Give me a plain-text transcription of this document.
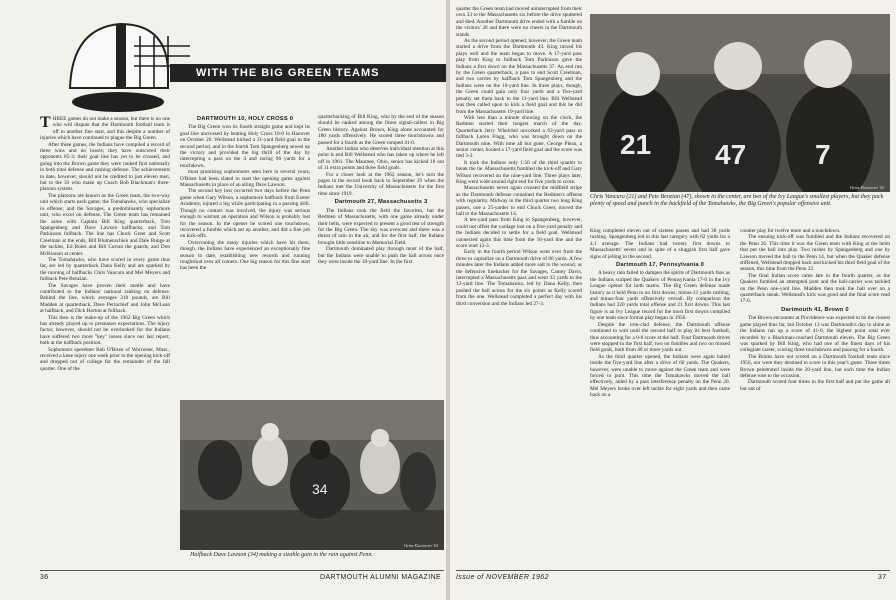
WITH THE BIG GREEN TEAMS

THREE games do not make a season, but there is no one who will dispute that the Dartmouth football team is off to another fine start, and this despite a number of injuries which have continued to plague the Big Green.

After three games, the Indians have compiled a record of three wins and no losses; they have outscored their opponents 85-3; their goal line has yet to be crossed, and going into the Brown game they were ranked first nationally in both total defense and rushing defense. The achievements to date, however, should not be credited to just eleven men, but to the 33 who make up Coach Bob Blackman's three-platoon system.

The platoons are known as the Green team, the two-way unit which starts each game; the Tomahawks, who specialize in offense; and the Savages, a predominantly sophomore unit, who excel on defense. The Green team has remained the same with Captain Bill King quarterback, Tom Spangenberg and Dave Lawson halfbacks, and Tom Parkinson fullback. The line has Chuck Greer and Scott Creelman at the ends, Bill Blumenschien and Dale Runge at the tackles, Ed Boies and Bill Curran the guards, and Don McKinnon at center.

The Tomahawks, who have scored in every game thus far, are led by quarterback Dana Kelly and are sparked by the running of halfbacks Chris Vancura and Mel Meyers and fullback Pete Benzian.

The Savages have proven their mettle and have contributed to the Indians' national ranking on defense. Behind the line, which averages 210 pounds, are Bill Madden at quarterback, Dave Perinchief and John McLean at halfback, and Dick Horton at fullback.

This then is the make-up of the 1962 Big Green which has already played up to preseason expectations. The injury factor, however, should not be overlooked for the Indians have suffered two more "key" losses since our last report, both at the halfback position.

Sophomore speedster Bob O'Brien of Worcester, Mass., received a knee injury one week prior to the opening kick-off and dropped out of college for the remainder of the fall quarter. One of the

DARTMOUTH 10, HOLY CROSS 0

The Big Green won its fourth straight game and kept its goal line uncrossed by beating Holy Cross 10-0 in Hanover on October 20. Wellstead kicked a 31-yard field goal in the second period, and in the fourth Tom Spangenberg sewed up the victory and provided the big thrill of the day by intercepting a pass on the 4 and racing 96 yards for a touchdown.

most promising sophomores seen here in several years, O'Brien had been slated to start the opening game against Massachusetts in place of an ailing Dave Lawson.

The second key loss occurred two days before the Penn game when Gary Wilson, a sophomore halfback from Exeter Academy, injured a leg while participating in a passing drill. Though no contact was involved, the injury was serious enough to warrant an operation and Wilson is probably lost for the season. In the opener he scored one touchdown, recovered a fumble which set up another, and did a fine job on kick-offs.

Overcoming the many injuries which have hit them, though, the Indians have experienced an exceptionally fine season to date, establishing new records and running roughshod over all comers. One big reason for this fine start has been the

quarterbacking of Bill King, who by the end of the season should be ranked among the finest signal-callers in Big Green history. Against Brown, King alone accounted for 180 yards offensively. He scored three touchdowns and passed for a fourth as the Green romped 41-0.

Another Indian who deserves individual mention at this point is end Bill Wellstead who has taken up where he left off in 1961. The Maumee, Ohio, senior has kicked 10 out of 11 extra points and three field goals.

For a closer look at the 1962 season, let's turn the pages in the record book back to September 29 when the Indians met the University of Massachusetts for the first time since 1919.

Dartmouth 27, Massachusetts 3

The Indians took the field the favorites, but the Redmen of Massachusetts, with one game already under their belts, were expected to present a good test of strength for the Big Green. The sky was overcast and there was a threat of rain in the air, and for the first half, the Indians brought little sunshine to Memorial Field.

Dartmouth dominated play through most of the half, but the Indians were unable to push the ball across once they were inside the 10-yard line. In the first

34
Heinz Kluetmeier '65
Halfback Dave Lawson (34) making a sizable gain in the rain against Penn.
36	DARTMOUTH ALUMNI MAGAZINE

quarter the Green team had moved uninterrupted from their own 33 to the Massachusetts six before the drive sputtered and died. Another Dartmouth drive ended with a fumble on the visitors' 28 and there were no cheers in the Dartmouth stands.

As the second period opened, however, the Green team started a drive from the Dartmouth 43. King mixed his plays well and the team began to move. A 17-yard pass play from King to fullback Tom Parkinson gave the Indians a first down on the Massachusetts 37. An end run by the Green quarterback, a pass to end Scott Creelman, and two carries by halfback Tom Spangenberg and the Indians were on the 10-yard line. In three plays, though, the Green could gain only four yards and a five-yard penalty set them back to the 11-yard line. Bill Wellstead was then called upon to kick a field goal and this he did from the Massachusetts 19-yard line.

With less than a minute showing on the clock, the Redmen started their longest march of the day. Quarterback Jerry Whelchel uncorked a 63-yard pass to fullback Loren Flagg, who was brought down on the Dartmouth nine. With time all but gone, George Pleau, a senior center, booted a 17-yard field goal and the score was tied 3-3.

It took the Indians only 1:50 of the third quarter to break the tie. Massachusetts fumbled the kick-off and Gary Wilson recovered on the nine-yard line. Three plays later, King went wide around right end for five yards to score.

Massachusetts never again crossed the midfield stripe as the Dartmouth defense contained the Redmen's offense with regularity. Midway in the third quarter two long King passes, one a 25-yarder to end Chuck Greer, moved the ball to the Massachusetts 14.

A ten-yard pass from King to Spangenberg, however, could not offset the yardage lost on a five-yard penalty and the Indians decided to settle for a field goal. Wellstead connected again this time from the 16-yard line and the score read 13-3.

Early in the fourth period Wilson went over from the three to capitalize on a Dartmouth drive of 66 yards. A few minutes later the Indians added more salt to the wound, as the defensive linebacker for the Savages, Cantey Davis, intercepted a Massachusetts pass and went 33 yards to the 12-yard line. The Tomahawks, led by Dana Kelly, then pushed the ball across for the six points as Kelly scored from the one. Wellstead completed a perfect day with his third conversion and the Indians led 27-3.

21 47 7
Heinz Kluetmeier '65
Chris Vancura (21) and Pete Benzian (47), shown in the center, are two of the Ivy League's smallest players, but they pack plenty of speed and punch in the backfield of the Tomahawks, the Big Green's popular offensive unit.

King completed eleven out of sixteen passes and had 38 yards rushing. Spangenberg led in this last category with 62 yards for a 4.1 average. The Indians had twenty first downs to Massachusetts' seven and in spite of a sluggish first half gave signs of jelling in the second.

Dartmouth 17, Pennsylvania 0

A heavy rain failed to dampen the spirits of Dartmouth fans as the Indians scalped the Quakers of Pennsylvania 17-0 in the Ivy League opener for both teams. The Big Green defense made history as it held Penn to no first downs, minus-21 yards rushing, and minus-four yards offensively overall. By comparison the Indians had 320 yards total offense and 21 first downs. This last figure is an Ivy League record for the most first downs compiled by one team since formal play began in 1956.

Despite the iron-clad defense, the Dartmouth offense continued to wait until the second half to play its best football, thus accounting for a 0-0 score at the half. Four Dartmouth drives were stopped in the first half, two on fumbles and two on missed field goals, both from 40 or more yards out.

As the third quarter opened, the Indians were again halted inside the five-yard line after a drive of 60 yards. The Quakers, however, were unable to move against the Green team and were forced to punt. This time the Tomahawks moved the ball effectively, aided by a pass interference penalty on the Penn 20. Mel Meyers broke over left tackle for eight yards and then came back on a

counter play for twelve more and a touchdown.

The ensuing kick-off was fumbled and the Indians recovered on the Penn 26. This time it was the Green team with King at the helm that put the ball into play. Two rushes by Spangenberg and one by Lawson moved the ball to the Penn 14, but when the Quaker defense stiffened, Wellstead dropped back and kicked his third field goal of the season, this time from the Penn 22.

The final Indian score came late in the fourth quarter, as the Quakers fumbled an attempted punt and the ball-carrier was tackled on the Penn one-yard line. Madden then took the ball over on a quarterback sneak. Wellstead's kick was good and the final score read 17-0.

Dartmouth 41, Brown 0

The Brown encounter at Providence was expected to be the closest game played thus far, but October 13 was Dartmouth's day to shine as the Indians ran up a score of 41-0, the highest point total ever recorded by a Blackman-coached Dartmouth eleven. The Big Green was sparked by Bill King, who had one of the finest days of his collegiate career, scoring three touchdowns and passing for a fourth.

The Bruins have not scored on a Dartmouth football team since 1956, nor were they destined to score in this year's game. Three times Brown penetrated inside the 20-yard line, but each time the Indian defense rose to the occasion.

Dartmouth scored four times in the first half and put the game all but out of

Issue of NOVEMBER 1962	37
